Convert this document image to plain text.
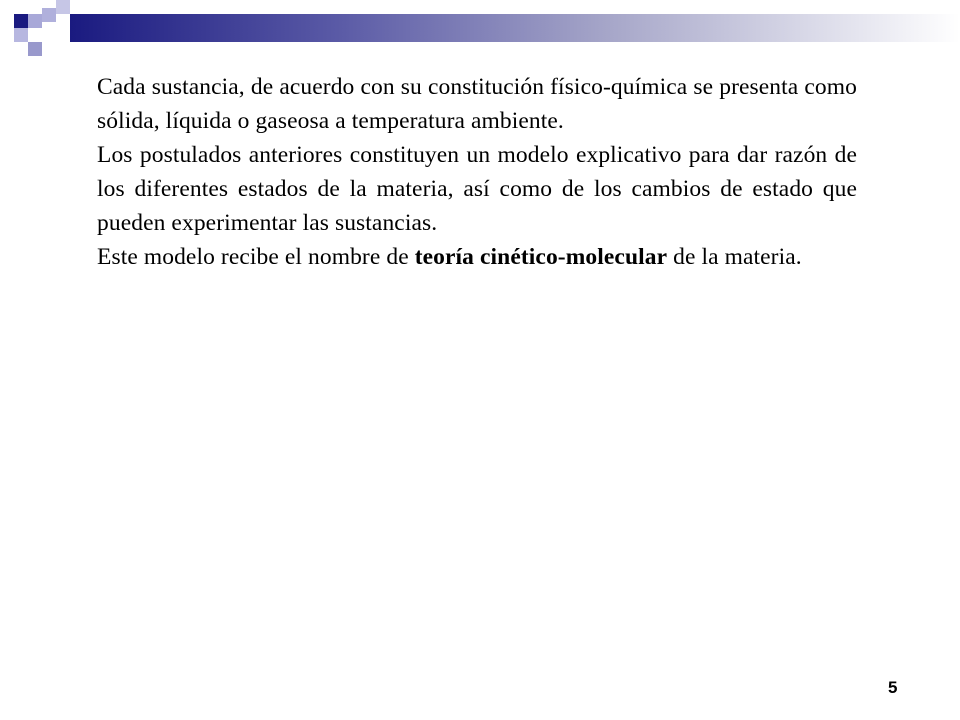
Cada sustancia, de acuerdo con su constitución físico-química se presenta como sólida, líquida o gaseosa a temperatura ambiente.

Los postulados anteriores constituyen un modelo explicativo para dar razón de los diferentes estados de la materia, así como de los cambios de estado que pueden experimentar las sustancias.

Este modelo recibe el nombre de teoría cinético-molecular de la materia.

5
